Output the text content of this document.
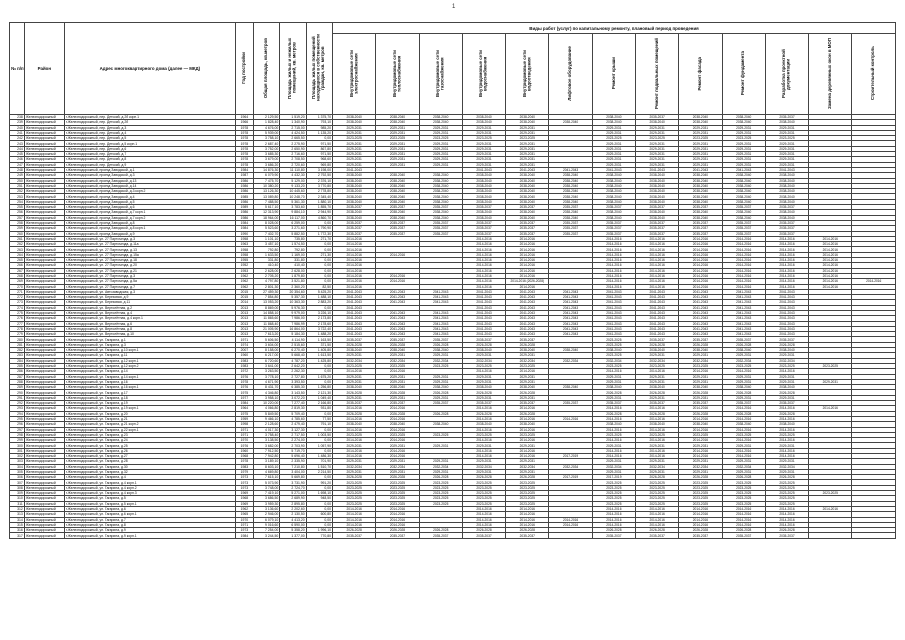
1
№ п/п	Район	Адрес многоквартирного дома (далее — МКД)	Год постройки	Общая площадь, кв.метров	Площадь жилых и нежилых помещений, кв. метров	Площадь жилых помещений находящихся в собственности граждан, кв. метров	Виды работ (услуг) по капитальному ремонту, плановый период проведения												
							Внутридомовые сети электроснабжения	Внутридомовые сети теплоснабжения	Внутридомовые сети газоснабжения	Внутридомовые сети водоснабжения	Внутридомовые сети водоотведения	Лифтовое оборудование	Ремонт крыши	Ремонт подвальных помещений	Ремонт фасада	Ремонт фундамента	Разработка проектной документации	Замена деревянных окон в МОП	Строительный контроль
238	Железнодорожный	г.Железнодорожный, пер. Детский, д.2б корп.1	1964	2 129,50	1 519,20	1 375,70	2038-2040	2038-2040	2038-2040	2038-2040	2038-2040		2038-2040	2035-2037	2038-2040	2038-2040	2035-2037		
239	Железнодорожный	г.Железнодорожный, пер. Детский, д.2б	1966	1 828,40	1 340,90	793,10	2038-2040	2038-2040	2038-2040	2038-2040	2038-2040	2038-2040	2038-2040	2038-2040	2038-2040	2038-2040	2038-2040		
240	Железнодорожный	г.Железнодорожный, пер. Детский, д.3	1978	4 676,00	2 715,00	985,20	2029-2031	2029-2031	2029-2031	2029-2031	2029-2031		2029-2031	2029-2031	2029-2031	2029-2031	2029-2031		
241	Железнодорожный	г.Железнодорожный, пер. Детский, д.4	1978	5 939,00	4 424,50	1 135,20	2029-2031	2029-2031	2029-2031	2029-2031	2029-2031		2029-2031	2029-2031	2029-2031	2029-2031	2029-2031		
242	Железнодорожный	г.Железнодорожный, пер. Детский, д.5	1978	3 758,10	2 665,50	0,00	2023-2025	2023-2025	2023-2025	2023-2025	2023-2025		2023-2025	2023-2025	2023-2025	2023-2025	2023-2025		
243	Железнодорожный	г.Железнодорожный, пер. Детский, д.5 корп.1	1978	2 687,40	2 275,90	971,50	2029-2031	2029-2031	2029-2031	2029-2031	2029-2031		2029-2031	2029-2031	2029-2031	2029-2031	2029-2031		
244	Железнодорожный	г.Железнодорожный, пер. Детский, д.6	1978	3 752,00	2 650,90	867,80	2029-2031	2029-2031	2029-2031	2029-2031	2029-2031		2029-2031	2029-2031	2029-2031	2029-2031	2029-2031		
245	Железнодорожный	г.Железнодорожный, пер. Детский, д.7	1978	3 685,30	2 716,60	971,50	2029-2031	2029-2031	2029-2031	2029-2031	2029-2031		2029-2031	2029-2031	2029-2031	2029-2031	2029-2031		
246	Железнодорожный	г.Железнодорожный, пер. Детский, д.8	1978	3 679,00	2 708,50	968,60	2029-2031	2029-2031	2029-2031	2029-2031	2029-2031		2029-2031	2029-2031	2029-2031	2029-2031	2029-2031		
247	Железнодорожный	г.Железнодорожный, пер. Детский, д.9	1978	3 686,20	2 720,60	969,80	2029-2031	2029-2031	2029-2031	2029-2031	2029-2031		2029-2031	2029-2031	2029-2031	2029-2031	2029-2031		
248	Железнодорожный	г.Железнодорожный, проезд Заводской, д.1	1984	14 876,30	11 110,80	3 198,00	2041-2043			2041-2043	2041-2043	2041-2043	2041-2043	2041-2043	2041-2043	2041-2043	2041-2043		
249	Железнодорожный	г.Железнодорожный, проезд Заводской, д.3	1987	6 079,90	4 432,30	2 792,50	2038-2040	2038-2040	2038-2040	2038-2040	2038-2040	2038-2040	2038-2040	2038-2040	2038-2040	2038-2040	2038-2040		
250	Железнодорожный	г.Железнодорожный, проезд Заводской, д.13	1986	7 475,70	5 129,00	2 376,10	2038-2040	2038-2040	2038-2040	2038-2040	2038-2040	2038-2040	2038-2040	2038-2040	2038-2040	2038-2040	2038-2040		
251	Железнодорожный	г.Железнодорожный, проезд Заводской, д.14	1986	10 380,20	9 133,20	3 770,80	2038-2040	2038-2040	2038-2040	2038-2040	2038-2040	2038-2040	2038-2040	2038-2040	2038-2040	2038-2040	2038-2040		
252	Железнодорожный	г.Железнодорожный, проезд Заводской, д.3 корп.2	1986	13 126,30	10 445,60	2 778,80	2038-2040	2038-2040	2038-2040	2038-2040	2038-2040	2038-2040	2038-2040	2038-2040	2038-2040	2038-2040	2038-2040		
253	Железнодорожный	г.Железнодорожный, проезд Заводской, д.4	1985	13 089,80	10 248,70	2 345,40	2038-2040	2038-2040	2038-2040	2038-2040	2038-2040	2038-2040	2038-2040	2038-2040	2038-2040	2038-2040	2038-2040		
254	Железнодорожный	г.Железнодорожный, проезд Заводской, д.5	1986	7 488,50	5 361,30	1 880,10	2038-2040	2038-2040	2038-2040	2038-2040	2038-2040	2038-2040	2038-2040	2038-2040	2038-2040	2038-2040	2038-2040		
255	Железнодорожный	г.Железнодорожный, проезд Заводской, д.6	1989	5 617,10	3 783,60	1 855,70	2035-2037	2035-2037	2035-2037	2035-2037	2035-2037	2035-2037	2035-2037	2035-2037	2035-2037	2035-2037	2035-2037		
256	Железнодорожный	г.Железнодорожный, проезд Заводской, д.7 корп.1	1986	12 313,90	9 884,10	2 944,90	2038-2040	2038-2040	2038-2040	2038-2040	2038-2040	2038-2040	2038-2040	2038-2040	2038-2040	2038-2040	2038-2040		
257	Железнодорожный	г.Железнодорожный, проезд Заводской, д.7 корп.2	1986	18 964,00	16 117,00	4 860,70	2038-2040	2038-2040	2038-2040	2038-2040	2038-2040	2038-2040	2038-2040	2038-2040	2038-2040	2038-2040	2038-2040		
258	Железнодорожный	г.Железнодорожный, проезд Заводской, д.8	1984	8 028,00	6 259,00	0,00	2035-2037	2035-2037	2035-2037	2035-2037	2035-2037	2035-2037	2035-2037	2035-2037	2035-2037	2035-2037	2035-2037		
259	Железнодорожный	г.Железнодорожный, проезд Заводской, д.8 корп.1	1984	5 523,60	3 271,60	1 790,90	2035-2037	2035-2037	2035-2037	2035-2037	2035-2037	2035-2037	2035-2037	2035-2037	2035-2037	2035-2037	2035-2037		
260	Железнодорожный	г.Железнодорожный, проезд Заводской, д.9	1990	7 402,70	5 882,50	1 772,30	2035-2037	2035-2037	2035-2037	2035-2037	2035-2037	2035-2037	2035-2037	2035-2037	2035-2037	2035-2037	2035-2037		
261	Железнодорожный	г.Железнодорожный, ул. 27 Партсъезда, д.3	1958	1 101,10	735,80	271,70	2014-2016			2014-2016	2014-2016		2014-2016	2014-2016	2014-2016	2014-2016	2014-2016	2014-2016	
262	Железнодорожный	г.Железнодорожный, ул. 27 Партсъезда, д.11а	1963	3 457,10	1 574,50	0,00	2014-2016			2014-2016	2014-2016		2014-2016	2014-2016	2014-2016	2014-2016	2014-2016	2014-2016	
263	Железнодорожный	г.Железнодорожный, ул. 27 Партсъезда, д.13	1958	792,80	792,80	0,00	2014-2016			2014-2016	2014-2016		2014-2016	2014-2016	2014-2016	2014-2016	2014-2016	2014-2016	
264	Железнодорожный	г.Железнодорожный, ул. 27 Партсъезда, д.15а	1958	1 633,50	1 169,00	271,30	2014-2016	2014-2016		2014-2016	2014-2016		2014-2016	2014-2016	2014-2016	2014-2016	2014-2016	2014-2016	
265	Железнодорожный	г.Железнодорожный, ул. 27 Партсъезда, д.18	1955	331,80	331,80	0,00	2014-2016			2014-2016	2014-2016		2014-2016	2014-2016	2014-2016	2014-2016	2014-2016	2014-2016	
266	Железнодорожный	г.Железнодорожный, ул. 27 Партсъезда, д.20	1952	410,40	410,40	0,00	2014-2016			2014-2016	2014-2016		2014-2016	2014-2016	2014-2016	2014-2016	2014-2016	2014-2016	
267	Железнодорожный	г.Железнодорожный, ул. 27 Партсъезда, д.21	1953	2 628,00	2 628,00	0,00	2014-2016			2014-2016	2014-2016		2014-2016	2014-2016	2014-2016	2014-2016	2014-2016	2014-2016	
268	Железнодорожный	г.Железнодорожный, ул. 27 Партсъезда, д.3	1962	2 705,20	1 879,80	0,00	2014-2016	2014-2016		2014-2016	2014-2016		2014-2016	2014-2016	2014-2016	2014-2016	2014-2016	2014-2016	
269	Железнодорожный	г.Железнодорожный, ул. 27 Партсъезда, д.5а	1962	4 797,80	3 521,80	0,00	2014-2016	2014-2016		2014-2016	2014-2016 (2026-2028)		2014-2016	2014-2016	2014-2016	2014-2016	2014-2016	2014-2016	2014-2016
270	Железнодорожный	г.Железнодорожный, ул. 27 Партсъезда, д.7	1962	2 801,30	2 360,20	82,50	2014-2016			2014-2016	2014-2016		2014-2016	2014-2016	2014-2016	2014-2016	2014-2016	2014-2016	
271	Железнодорожный	г.Железнодорожный, ул. Автозаводская, д.3	2015	27 459,30	20 354,60	5 425,20	2041-2043	2041-2043	2041-2043	2041-2043	2041-2043	2041-2043	2041-2043	2041-2043	2041-2043	2041-2043	2041-2043		
272	Железнодорожный	г.Железнодорожный, ул. Березовая, д.9	2015	7 854,80	5 357,30	1 488,10	2041-2043	2041-2043	2041-2043	2041-2043	2041-2043	2041-2043	2041-2043	2041-2043	2041-2043	2041-2043	2041-2043		
273	Железнодорожный	г.Железнодорожный, ул. Березовая, д.11	2014	13 053,20	10 363,30	2 883,20	2041-2043	2041-2043	2041-2043	2041-2043	2041-2043	2041-2043	2041-2043	2041-2043	2041-2043	2041-2043	2041-2043		
274	Железнодорожный	г.Железнодорожный, ул. Вертолётная, д.2	2013	8 869,00	5 976,30	0,00	2041-2043			2041-2043	2041-2043	2041-2043	2041-2043	2041-2043	2041-2043	2041-2043	2041-2043		
275	Железнодорожный	г.Железнодорожный, ул. Вертолётная, д.4	2013	14 858,10	9 979,00	3 226,10	2041-2043	2041-2043	2041-2043	2041-2043	2041-2043	2041-2043	2041-2043	2041-2043	2041-2043	2041-2043	2041-2043		
276	Железнодорожный	г.Железнодорожный, ул. Вертолётная, д.4 корп.1	2013	11 865,60	7 986,00	2 173,80	2041-2043	2041-2043	2041-2043	2041-2043	2041-2043	2041-2043	2041-2043	2041-2043	2041-2043	2041-2043	2041-2043		
277	Железнодорожный	г.Железнодорожный, ул. Вертолётная, д.6	2013	11 868,40	7 986,99	2 178,60	2041-2043	2041-2043	2041-2043	2041-2043	2041-2043	2041-2043	2041-2043	2041-2043	2041-2043	2041-2043	2041-2043		
278	Железнодорожный	г.Железнодорожный, ул. Вертолётная, д.8	2013	21 005,90	16 864,00	3 722,40	2041-2043	2041-2043	2041-2043	2041-2043	2041-2043	2041-2043	2041-2043	2041-2043	2041-2043	2041-2043	2041-2043		
279	Железнодорожный	г.Железнодорожный, ул. Вертолётная, д.10	2013	7 613,20	5 184,30	1 488,20	2041-2043	2041-2043	2041-2043	2041-2043	2041-2043	2041-2043	2041-2043	2041-2043	2041-2043	2041-2043	2041-2043		
280	Железнодорожный	г.Железнодорожный, ул. Гагарина, д.1	1971	5 606,50	4 114,90	1 163,50	2035-2037	2035-2037	2035-2037	2035-2037	2035-2037		2023-2025	2035-2037	2035-2037	2035-2037	2035-2037		
281	Железнодорожный	г.Железнодорожный, ул. Гагарина, д.3	1974	3 604,00	2 515,60	371,50	2026-2028	2026-2028	2026-2028	2026-2028	2026-2028		2023-2025	2026-2028	2026-2028	2026-2028	2026-2028		
282	Железнодорожный	г.Железнодорожный, ул. Гагарина, д.10 корп.1	2007	8 158,00	6 270,40	1 405,80	2038-2040	2038-2040	2038-2040	2038-2040	2038-2040	2038-2040	2038-2040	2038-2040	2038-2040	2038-2040	2038-2040		
283	Железнодорожный	г.Железнодорожный, ул. Гагарина, д.11	1960	6 217,00	5 668,40	1 613,50	2029-2031	2029-2031	2029-2031	2029-2031	2029-2031		2023-2025	2029-2031	2029-2031	2029-2031	2029-2031		
284	Железнодорожный	г.Железнодорожный, ул. Гагарина, д.12 корп.1	1983	6 720,60	4 787,20	1 425,80	2032-2034	2032-2034	2032-2034	2032-2034	2032-2034	2032-2034	2032-2034	2032-2034	2032-2034	2032-2034	2032-2034		
285	Железнодорожный	г.Железнодорожный, ул. Гагарина, д.12 корп.2	1983	3 641,00	2 642,20	0,00	2023-2025	2023-2025	2023-2025	2023-2025	2023-2025		2023-2025	2023-2025	2023-2025	2023-2025	2023-2025	2023-2025	
286	Железнодорожный	г.Железнодорожный, ул. Гагарина, д.14	1972	3 263,50	2 262,30	0,00	2014-2016	2014-2016		2014-2016	2014-2016		2014-2016	2014-2016	2014-2016	2014-2016	2014-2016		
287	Железнодорожный	г.Железнодорожный, ул. Гагарина, д.14 корп.1	1976	3 778,10	2 727,80	1 675,20	2029-2031	2029-2031	2029-2031	2029-2031	2029-2031		2029-2031	2029-2031	2029-2031	2029-2031	2029-2031		
288	Железнодорожный	г.Железнодорожный, ул. Гагарина, д.16	1978	4 671,90	3 393,50	0,00	2029-2031	2029-2031	2029-2031	2029-2031	2029-2031		2029-2031	2029-2031	2029-2031	2029-2031	2029-2031	2029-2031	
289	Железнодорожный	г.Железнодорожный, ул. Гагарина, д.16 корп.1	1976	8 431,70	6 385,30	1 256,80	2038-2040	2038-2040	2038-2040	2038-2040	2038-2040	2038-2040	2038-2040	2038-2040	2038-2040	2038-2040	2038-2040		
290	Железнодорожный	г.Железнодорожный, ул. Гагарина, д.17	1975	4 346,80	3 143,50	2 121,30	2026-2028	2026-2028	2026-2028	2026-2028	2026-2028		2026-2028	2026-2028	2026-2028	2026-2028	2026-2028		
291	Железнодорожный	г.Железнодорожный, ул. Гагарина, д.18	1977	3 958,10	3 072,20	1 049,40	2029-2031	2029-2031	2029-2031	2029-2031	2029-2031		2029-2031	2029-2031	2029-2031	2029-2031	2029-2031		
292	Железнодорожный	г.Железнодорожный, ул. Гагарина, д.19	1984	10 220,00	7 277,40	2 166,80	2035-2037	2035-2037	2035-2037	2035-2037	2035-2037	2035-2037	2035-2037	2035-2037	2035-2037	2035-2037	2035-2037		
293	Железнодорожный	г.Железнодорожный, ул. Гагарина, д.19 корп.1	1964	4 066,80	2 819,30	931,80	2014-2016	2014-2016		2014-2016	2014-2016		2014-2016	2014-2016	2014-2016	2014-2016	2014-2016	2014-2016	
294	Железнодорожный	г.Железнодорожный, ул. Гагарина, д.20	1975	5 849,50	5 709,40	0,00	2026-2028	2026-2028	2026-2028	2026-2028	2026-2028		2026-2028	2026-2028	2026-2028	2026-2028	2026-2028		
295	Железнодорожный	г.Железнодорожный, ул. Гагарина, д.21	1959	9 466,10	4 785,60	77,50	2014-2016	2014-2016		2014-2016	2014-2016	2014-2016	2014-2016	2014-2016	2014-2016	2014-2016	2014-2016		
296	Железнодорожный	г.Железнодорожный, ул. Гагарина, д.21 корп.2	1998	2 128,60	2 479,40	791,10	2038-2040	2038-2040	2038-2040	2038-2040	2038-2040		2038-2040	2038-2040	2038-2040	2038-2040	2038-2040		
297	Железнодорожный	г.Железнодорожный, ул. Гагарина, д.22 корп.1	1971	4 017,30	3 127,30	0,00	2014-2016	2014-2016		2014-2016	2014-2016		2014-2016	2014-2016	2014-2016	2014-2016	2014-2016		
298	Железнодорожный	г.Железнодорожный, ул. Гагарина, д.23	1971	3 758,40	2 717,50	1 003,50	2023-2025	2023-2025	2023-2025	2023-2025	2023-2025		2023-2025	2023-2025	2023-2025	2023-2025	2023-2025		
299	Железнодорожный	г.Железнодорожный, ул. Гагарина, д.24	1970	3 138,50	2 274,00	0,00	2014-2016	2014-2016		2014-2016	2014-2016		2014-2016	2014-2016	2014-2016	2014-2016	2014-2016		
300	Железнодорожный	г.Железнодорожный, ул. Гагарина, д.25	1976	3 682,00	2 703,90	1 057,90	2029-2031	2029-2031	2029-2031	2029-2031	2029-2031		2029-2031	2029-2031	2029-2031	2029-2031	2029-2031		
301	Железнодорожный	г.Железнодорожный, ул. Гагарина, д.26	1960	7 912,50	5 719,70	0,00	2014-2016	2014-2016		2014-2016	2014-2016		2014-2016	2014-2016	2014-2016	2014-2016	2014-2016		
302	Железнодорожный	г.Железнодорожный, ул. Гагарина, д.27	1968	7 942,80	5 696,40	1 486,30	2014-2016	2014-2016		2014-2016	2014-2016	2017-2019	2014-2016	2014-2016	2014-2016	2014-2016	2014-2016		
303	Железнодорожный	г.Железнодорожный, ул. Гагарина, д.28	1978	3 189,10	2 335,90	701,90	2029-2031	2029-2031	2029-2031	2029-2031	2029-2031		2029-2031	2029-2031	2029-2031	2029-2031	2029-2031		
304	Железнодорожный	г.Железнодорожный, ул. Гагарина, д.30	1983	8 603,10	7 210,80	1 510,70	2032-2034	2032-2034	2032-2034	2032-2034	2032-2034	2032-2034	2032-2034	2032-2034	2032-2034	2032-2034	2032-2034		
305	Железнодорожный	г.Железнодорожный, ул. Гагарина, д.32	1979	4 669,80	3 404,00	2 214,50	2029-2031	2029-2031	2029-2031	2029-2031	2029-2031		2029-2031	2029-2031	2029-2031	2029-2031	2029-2031		
306	Железнодорожный	г.Железнодорожный, ул. Гагарина, д.4	1973	7 615,10	5 669,80	0,00	2026-2028	2026-2028	2026-2028	2026-2028	2026-2028	2017-2019	2017-2019	2026-2028	2026-2028	2026-2028	2026-2028		
307	Железнодорожный	г.Железнодорожный, ул. Гагарина, д.4 корп.1	1973	5 073,90	3 731,90	991,20	2023-2025	2023-2025	2023-2025	2023-2025	2023-2025		2023-2025	2023-2025	2023-2025	2023-2025	2023-2025		
308	Железнодорожный	г.Железнодорожный, ул. Гагарина, д.4 корп.2	1973	3 748,00	2 724,70	0,00	2023-2025	2023-2025	2023-2025	2023-2025	2023-2025		2023-2025	2023-2025	2023-2025	2023-2025	2023-2025		
309	Железнодорожный	г.Железнодорожный, ул. Гагарина, д.4 корп.3	1969	7 419,10	5 271,00	1 698,10	2023-2025	2023-2025	2023-2025	2023-2025	2023-2025		2023-2025	2023-2025	2023-2025	2023-2025	2023-2025	2023-2025	
310	Железнодорожный	г.Железнодорожный, ул. Гагарина, д.5	1968	3 686,50	2 689,90	948,50	2023-2025	2023-2025	2023-2025	2023-2025	2023-2025		2023-2025	2023-2025	2023-2025	2023-2025	2023-2025		
311	Железнодорожный	г.Железнодорожный, ул. Гагарина, д.5 корп.1	1969	3 959,30	2 895,80	0,00	2023-2025	2023-2025	2023-2025	2023-2025	2023-2025		2023-2025	2023-2025	2023-2025	2023-2025	2023-2025		
312	Железнодорожный	г.Железнодорожный, ул. Гагарина, д.6	1962	3 136,60	2 202,60	0,00	2014-2016	2014-2016		2014-2016	2014-2016		2014-2016	2014-2016	2014-2016	2014-2016	2014-2016	2014-2016	
313	Железнодорожный	г.Железнодорожный, ул. Гагарина, д.6 корп.1	1965	2 946,00	2 130,50	600,80	2014-2016	2014-2016		2014-2016	2014-2016		2014-2016	2014-2016	2014-2016	2014-2016	2014-2016		
314	Железнодорожный	г.Железнодорожный, ул. Гагарина, д.7	1970	6 079,10	4 413,20	0,00	2014-2016	2014-2016		2014-2016	2014-2016	2014-2016	2014-2016	2014-2016	2014-2016	2014-2016	2014-2016		
315	Железнодорожный	г.Железнодорожный, ул. Гагарина, д.8	1971	9 016,60	6 590,00	0,00	2014-2016	2014-2016		2014-2016	2014-2016	2014-2016	2014-2016	2014-2016	2014-2016	2014-2016	2014-2016		
316	Железнодорожный	г.Железнодорожный, ул. Гагарина, д.9	1973	7 254,00	5 358,20	1 996,10	2026-2028	2026-2028	2026-2028	2026-2028	2026-2028		2026-2028	2026-2028	2026-2028	2026-2028	2026-2028		
317	Железнодорожный	г.Железнодорожный, ул. Гагарина, д.9 корп.1	1984	3 244,50	1 377,00	770,80	2035-2037	2035-2037	2035-2037	2035-2037	2035-2037		2035-2037	2035-2037	2035-2037	2035-2037	2035-2037		
